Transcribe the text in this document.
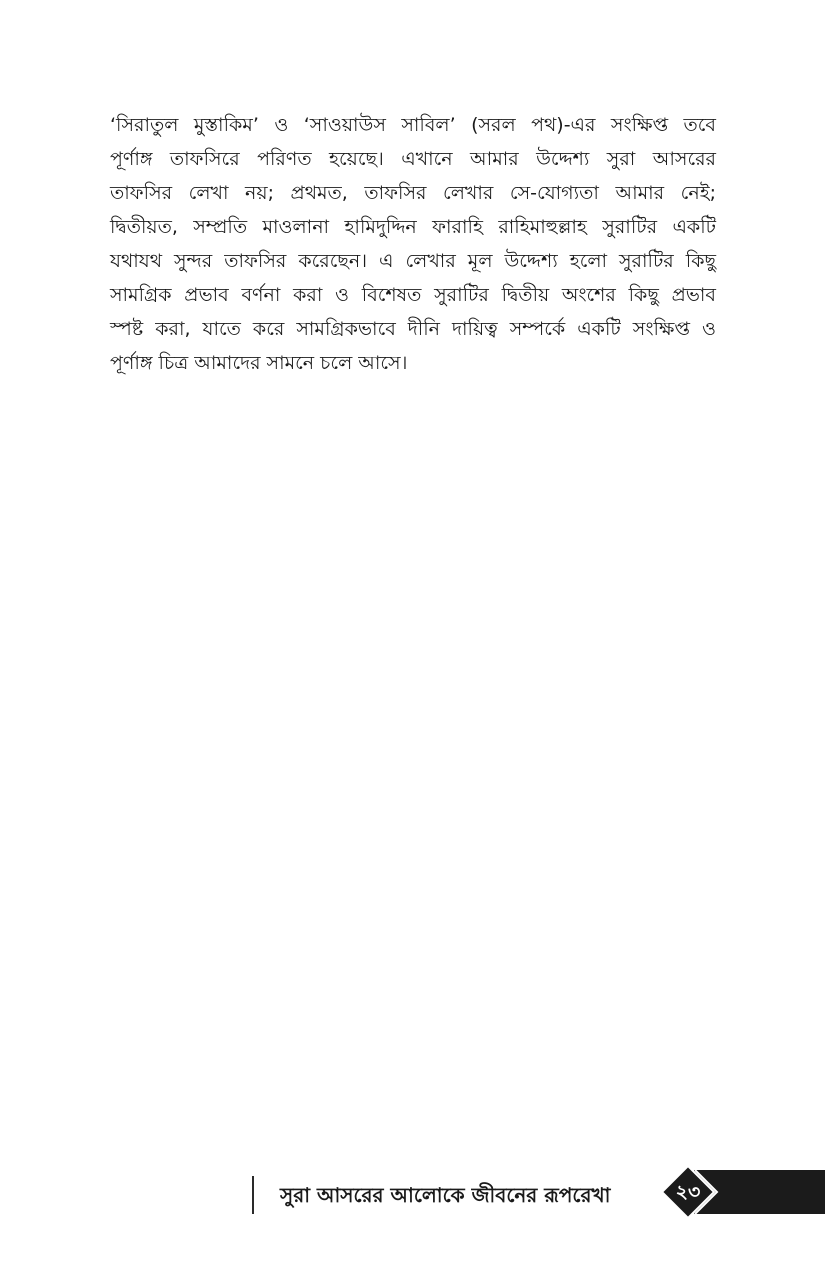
‘সিরাতুল মুস্তাকিম’ ও ‘সাওয়াউস সাবিল’ (সরল পথ)-এর সংক্ষিপ্ত তবে
পূর্ণাঙ্গ তাফসিরে পরিণত হয়েছে। এখানে আমার উদ্দেশ্য সুরা আসরের
তাফসির লেখা নয়; প্রথমত, তাফসির লেখার সে-যোগ্যতা আমার নেই;
দ্বিতীয়ত, সম্প্রতি মাওলানা হামিদুদ্দিন ফারাহি রাহিমাহুল্লাহ সুরাটির একটি
যথাযথ সুন্দর তাফসির করেছেন। এ লেখার মূল উদ্দেশ্য হলো সুরাটির কিছু
সামগ্রিক প্রভাব বর্ণনা করা ও বিশেষত সুরাটির দ্বিতীয় অংশের কিছু প্রভাব
স্পষ্ট করা, যাতে করে সামগ্রিকভাবে দীনি দায়িত্ব সম্পর্কে একটি সংক্ষিপ্ত ও
পূর্ণাঙ্গ চিত্র আমাদের সামনে চলে আসে।

সুরা আসরের আলোকে জীবনের রূপরেখা	২৩
